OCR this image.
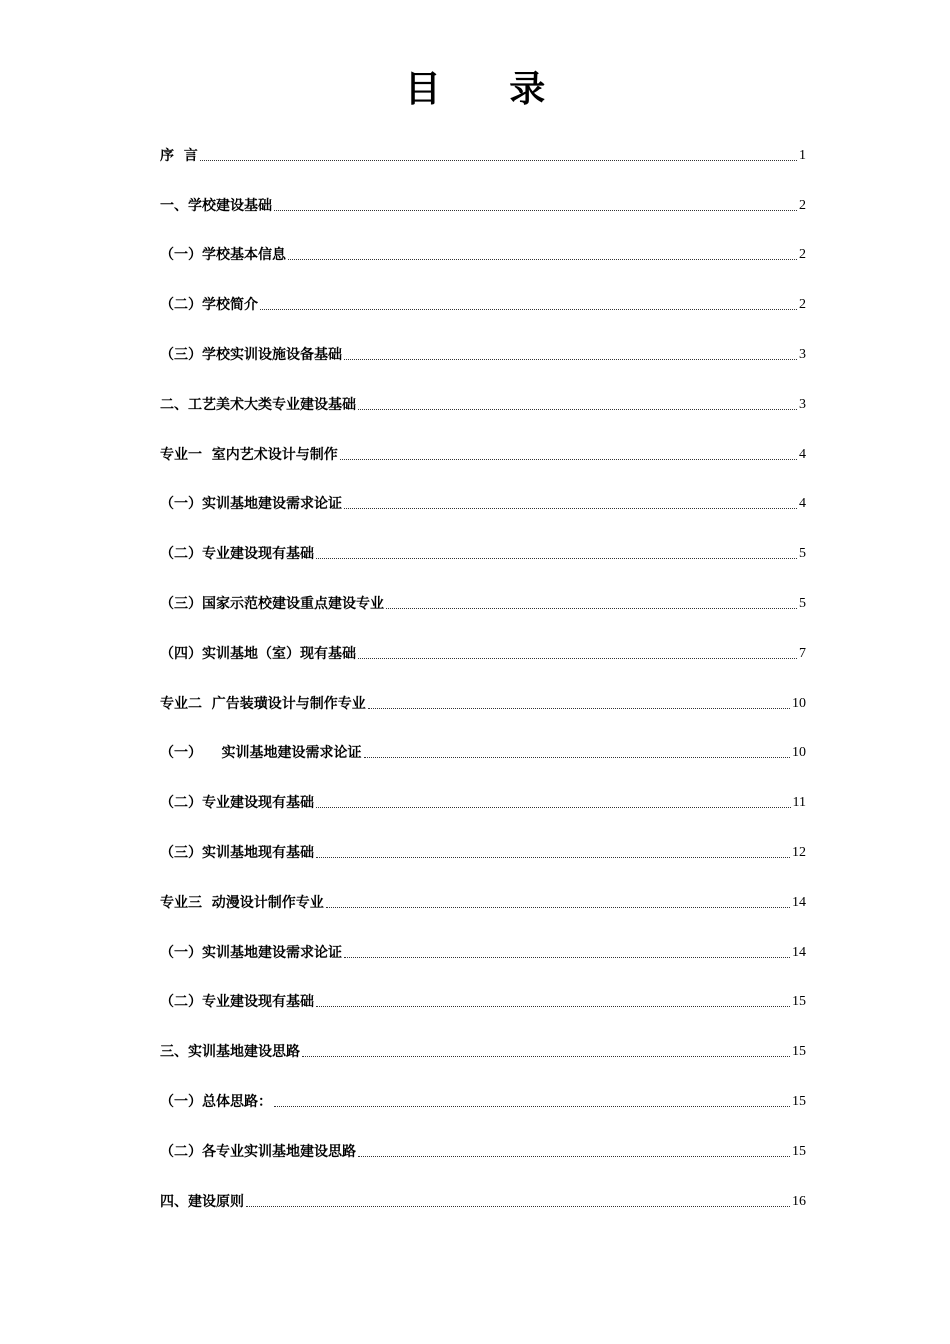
目 录
序  言	1
一、学校建设基础	2
（一）学校基本信息	2
（二）学校简介	2
（三）学校实训设施设备基础	3
二、工艺美术大类专业建设基础	3
专业一  室内艺术设计与制作	4
（一）实训基地建设需求论证	4
（二）专业建设现有基础	5
（三）国家示范校建设重点建设专业	5
（四）实训基地（室）现有基础	7
专业二  广告装璜设计与制作专业	10
（一）    实训基地建设需求论证	10
（二）专业建设现有基础	11
（三）实训基地现有基础	12
专业三  动漫设计制作专业	14
（一）实训基地建设需求论证	14
（二）专业建设现有基础	15
三、实训基地建设思路	15
（一）总体思路：	15
（二）各专业实训基地建设思路	15
四、建设原则	16
